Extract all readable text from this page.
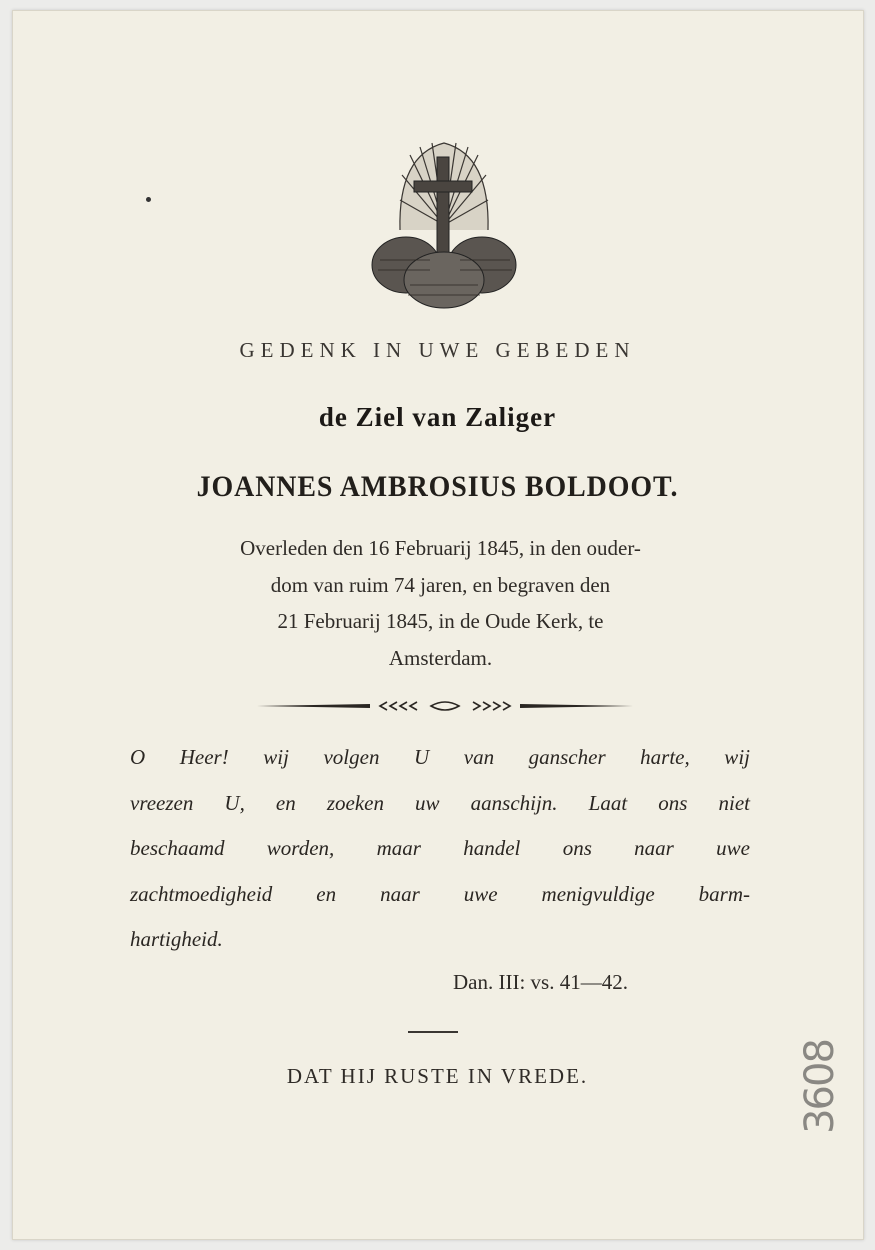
GEDENK IN UWE GEBEDEN
de Ziel van Zaliger
JOANNES AMBROSIUS BOLDOOT.
Overleden den 16 Februarij 1845, in den ouder-
dom van ruim 74 jaren, en begraven den
21 Februarij 1845, in de Oude Kerk, te
Amsterdam.
O Heer! wij volgen U van ganscher harte, wij
vreezen U, en zoeken uw aanschijn. Laat ons niet
beschaamd worden, maar handel ons naar uwe
zachtmoedigheid en naar uwe menigvuldige barm-
hartigheid.
Dan. III: vs. 41—42.
DAT HIJ RUSTE IN VREDE.	3608
